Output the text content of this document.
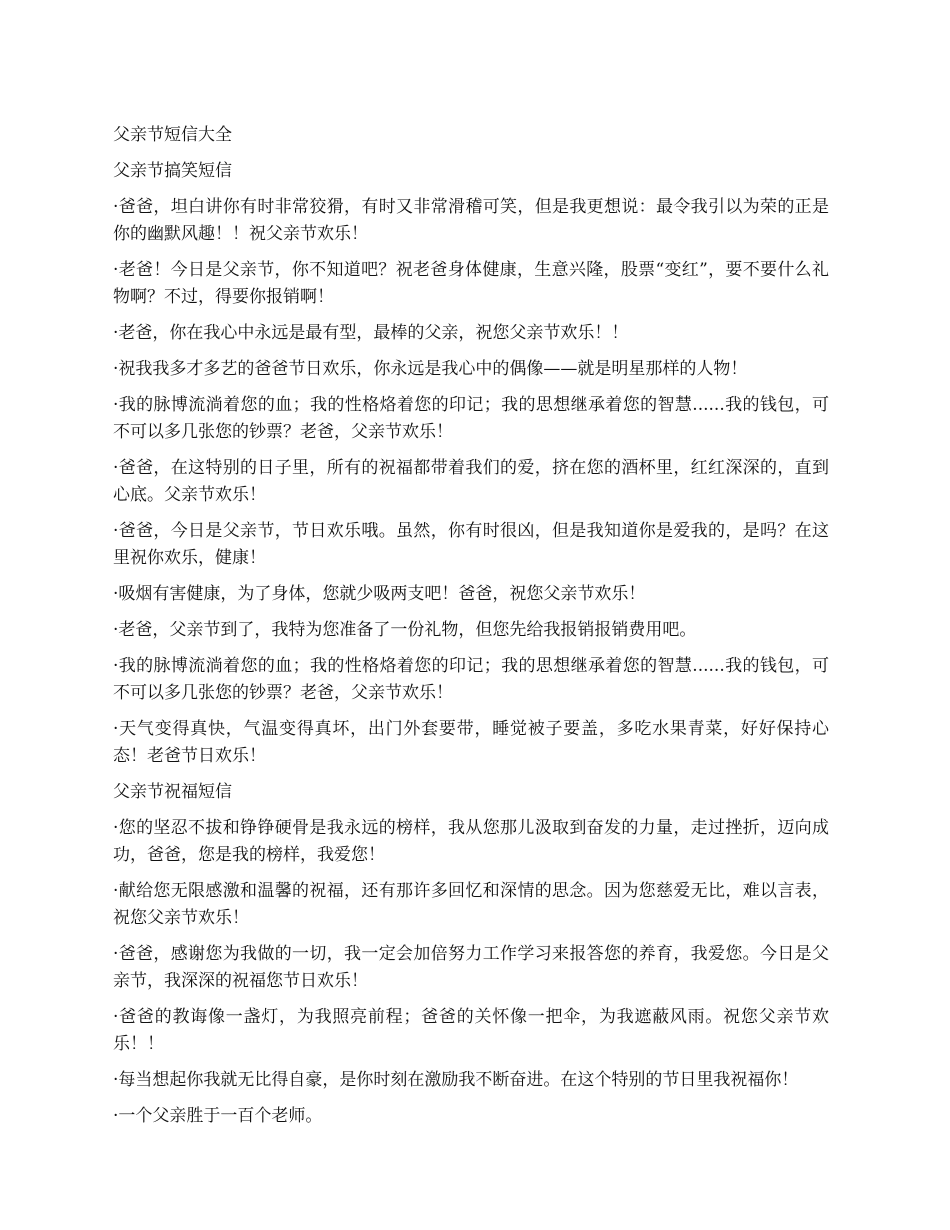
父亲节短信大全

父亲节搞笑短信

·爸爸，坦白讲你有时非常狡猾，有时又非常滑稽可笑，但是我更想说：最令我引以为荣的正是你的幽默风趣！！祝父亲节欢乐！

·老爸！今日是父亲节，你不知道吧？祝老爸身体健康，生意兴隆，股票“变红”，要不要什么礼物啊？不过，得要你报销啊！

·老爸，你在我心中永远是最有型，最棒的父亲，祝您父亲节欢乐！！

·祝我我多才多艺的爸爸节日欢乐，你永远是我心中的偶像——就是明星那样的人物！

·我的脉博流淌着您的血；我的性格烙着您的印记；我的思想继承着您的智慧......我的钱包，可不可以多几张您的钞票？老爸，父亲节欢乐！

·爸爸，在这特别的日子里，所有的祝福都带着我们的爱，挤在您的酒杯里，红红深深的，直到心底。父亲节欢乐！

·爸爸，今日是父亲节，节日欢乐哦。虽然，你有时很凶，但是我知道你是爱我的，是吗？在这里祝你欢乐，健康！

·吸烟有害健康，为了身体，您就少吸两支吧！爸爸，祝您父亲节欢乐！

·老爸，父亲节到了，我特为您准备了一份礼物，但您先给我报销报销费用吧。

·我的脉博流淌着您的血；我的性格烙着您的印记；我的思想继承着您的智慧......我的钱包，可不可以多几张您的钞票？老爸，父亲节欢乐！

·天气变得真快，气温变得真坏，出门外套要带，睡觉被子要盖，多吃水果青菜，好好保持心态！老爸节日欢乐！

父亲节祝福短信

·您的坚忍不拔和铮铮硬骨是我永远的榜样，我从您那儿汲取到奋发的力量，走过挫折，迈向成功，爸爸，您是我的榜样，我爱您！

·献给您无限感激和温馨的祝福，还有那许多回忆和深情的思念。因为您慈爱无比，难以言表，祝您父亲节欢乐！

·爸爸，感谢您为我做的一切，我一定会加倍努力工作学习来报答您的养育，我爱您。今日是父亲节，我深深的祝福您节日欢乐！

·爸爸的教诲像一盏灯，为我照亮前程；爸爸的关怀像一把伞，为我遮蔽风雨。祝您父亲节欢乐！！

·每当想起你我就无比得自豪，是你时刻在激励我不断奋进。在这个特别的节日里我祝福你！

·一个父亲胜于一百个老师。
